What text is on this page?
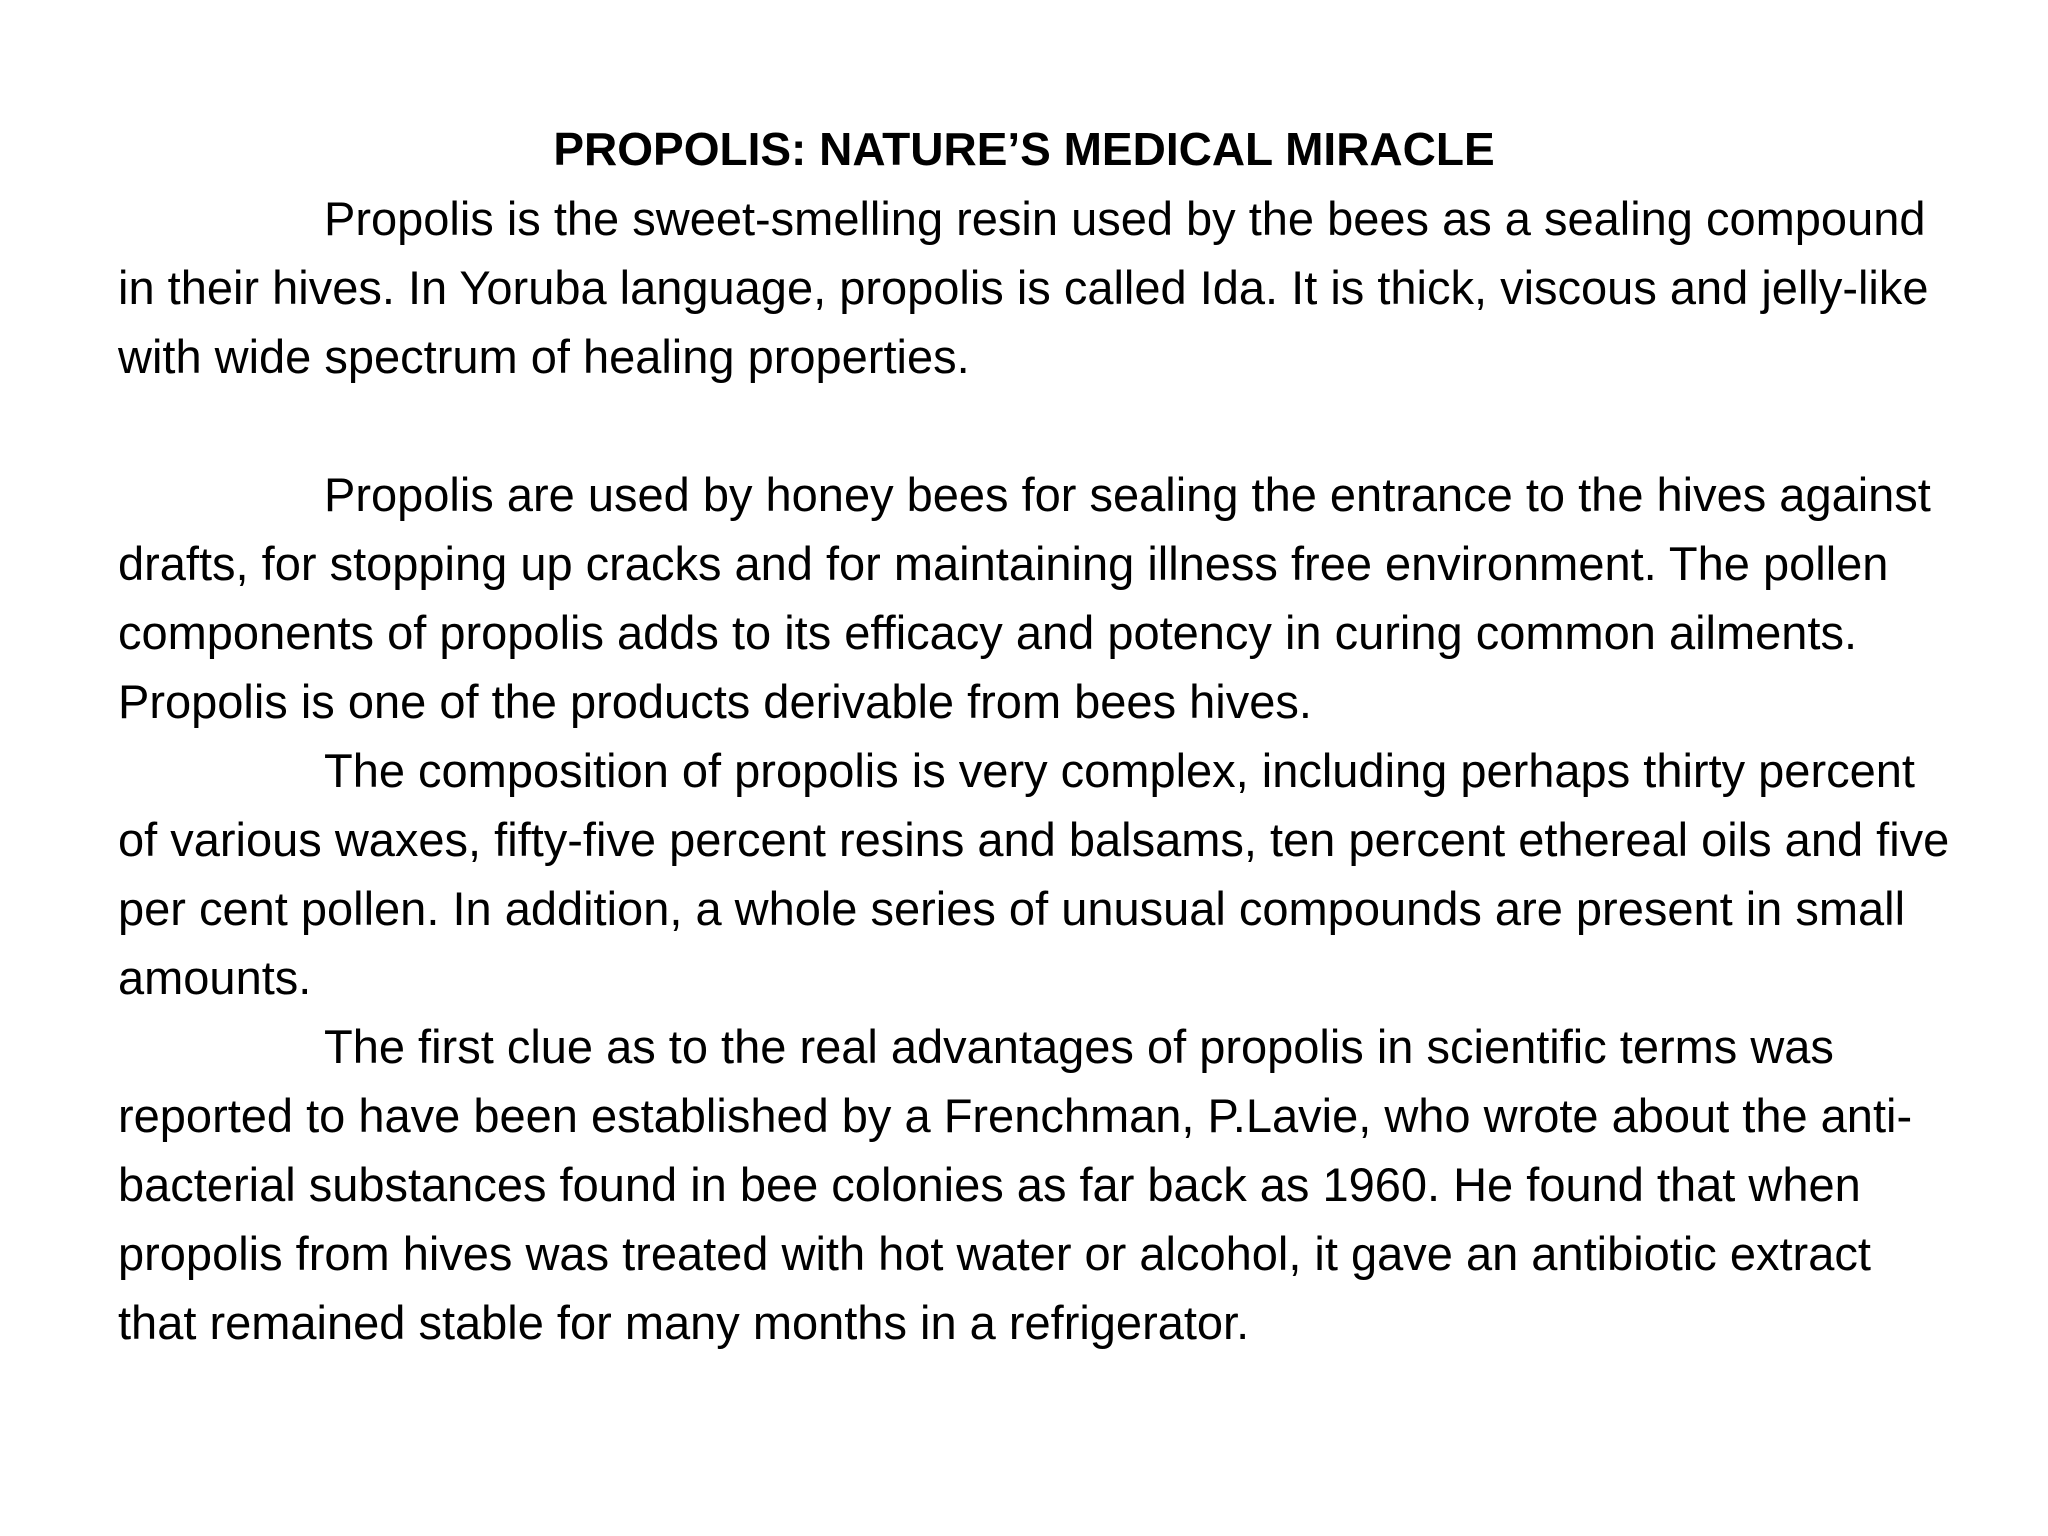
PROPOLIS: NATURE’S MEDICAL MIRACLE

Propolis is the sweet-smelling resin used by the bees as a sealing compound in their hives. In Yoruba language, propolis is called Ida. It is thick, viscous and jelly-like with wide spectrum of healing properties.

Propolis are used by honey bees for sealing the entrance to the hives against drafts, for stopping up cracks and for maintaining illness free environment. The pollen components of propolis adds to its efficacy and potency in curing common ailments. Propolis is one of the products derivable from bees hives.

The composition of propolis is very complex, including perhaps thirty percent of various waxes, fifty-five percent resins and balsams, ten percent ethereal oils and five per cent pollen. In addition, a whole series of unusual compounds are present in small amounts.

The first clue as to the real advantages of propolis in scientific terms was reported to have been established by a Frenchman, P.Lavie, who wrote about the anti-bacterial substances found in bee colonies as far back as 1960. He found that when propolis from hives was treated with hot water or alcohol, it gave an antibiotic extract that remained stable for many months in a refrigerator.
